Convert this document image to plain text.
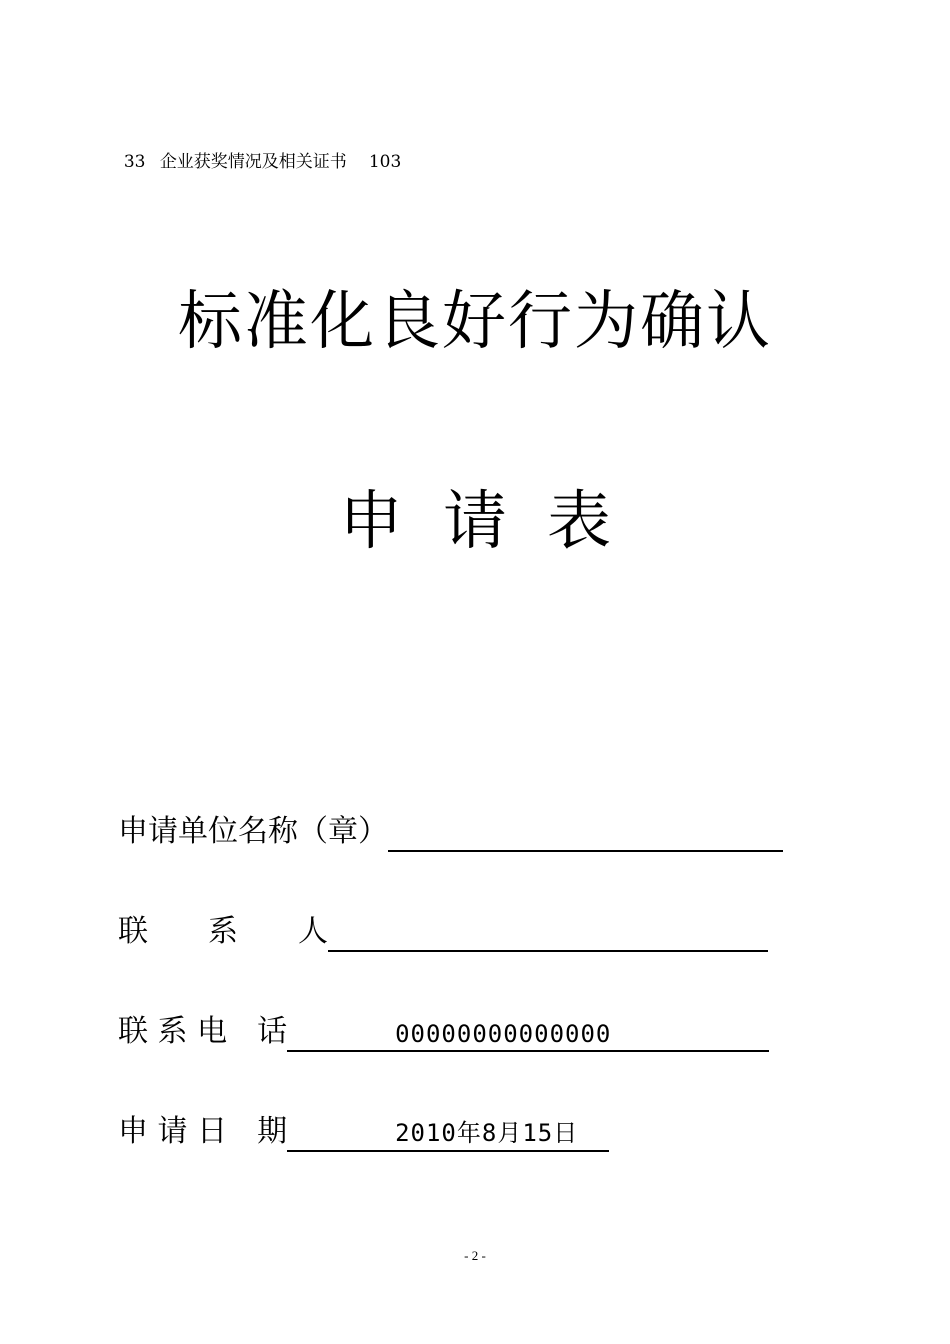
33 企业获奖情况及相关证书 103

标准化良好行为确认
申请表
申请单位名称（章）
联　　系　　人
联 系 电　话	00000000000000
申 请 日　期	2010年8月15日
- 2 -
